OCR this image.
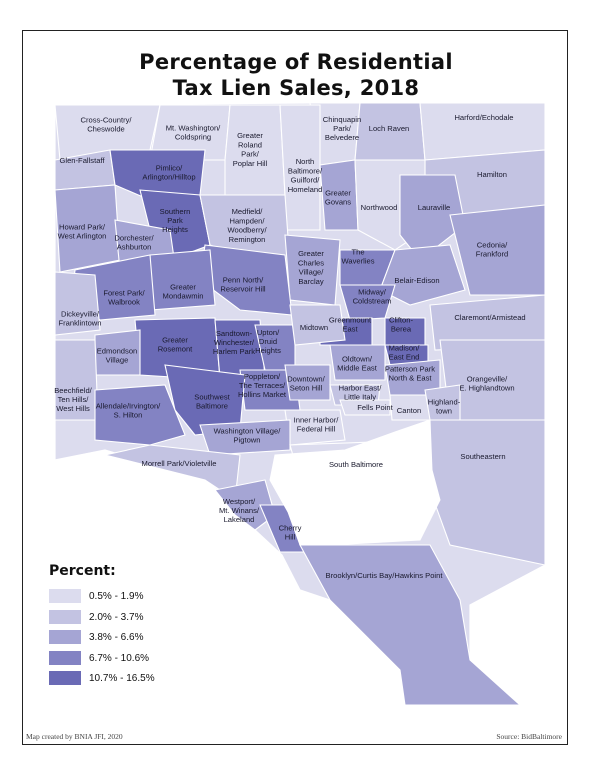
Percentage of Residential
Tax Lien Sales, 2018
Cross-Country/ Cheswolde	Mt. Washington/ Coldspring	Greater Roland Park/ Poplar Hill
Chinquapin Park/ Belvedere
Loch Raven
Harford/Echodale
Glen-Fallstaff
Pimlico/ Arlington/Hilltop
North Baltimore/ Guilford/ Homeland
Hamilton
Greater Govans
Northwood	Lauraville
Southern Park Heights
Howard Park/ West Arlington Dorchester/ Ashburton
Medfield/ Hampden/ Woodberry/ Remington
Cedonia/ Frankford
The Waverlies
Greater Charles Village/ Barclay
Penn North/ Reservoir Hill
Greater Mondawmin
Belair-Edison
Forest Park/ Walbrook
Midway/ Coldstream
Dickeyville/ Franklintown
Claremont/Armistead
Greenmount East
Clifton-Berea
Greater Rosemont
Sandtown-Winchester/ Harlem Park
Upton/ Druid Heights
Midtown
Edmondson Village
Madison/ East End
Oldtown/ Middle East Patterson Park North & East	Orangeville/ E. Highlandtown
Beechfield/ Ten Hills/ West Hills
Poppleton/ The Terraces/ Hollins Market
Downtown/ Seton Hill	Harbor East/ Little Italy
Fells Point Canton
Highland-town
Southwest Baltimore
Allendale/Irvington/ S. Hilton
Inner Harbor/ Federal Hill
Washington Village/ Pigtown
South Baltimore
Southeastern
Morrell Park/Violetville
Westport/ Mt. Winans/ Lakeland
Cherry Hill
Brooklyn/Curtis Bay/Hawkins Point
Percent:
0.5% - 1.9%
2.0% - 3.7%
3.8% - 6.6%
6.7% - 10.6%
10.7% - 16.5%
Map created by BNIA JFI, 2020	Source: BidBaltimore
